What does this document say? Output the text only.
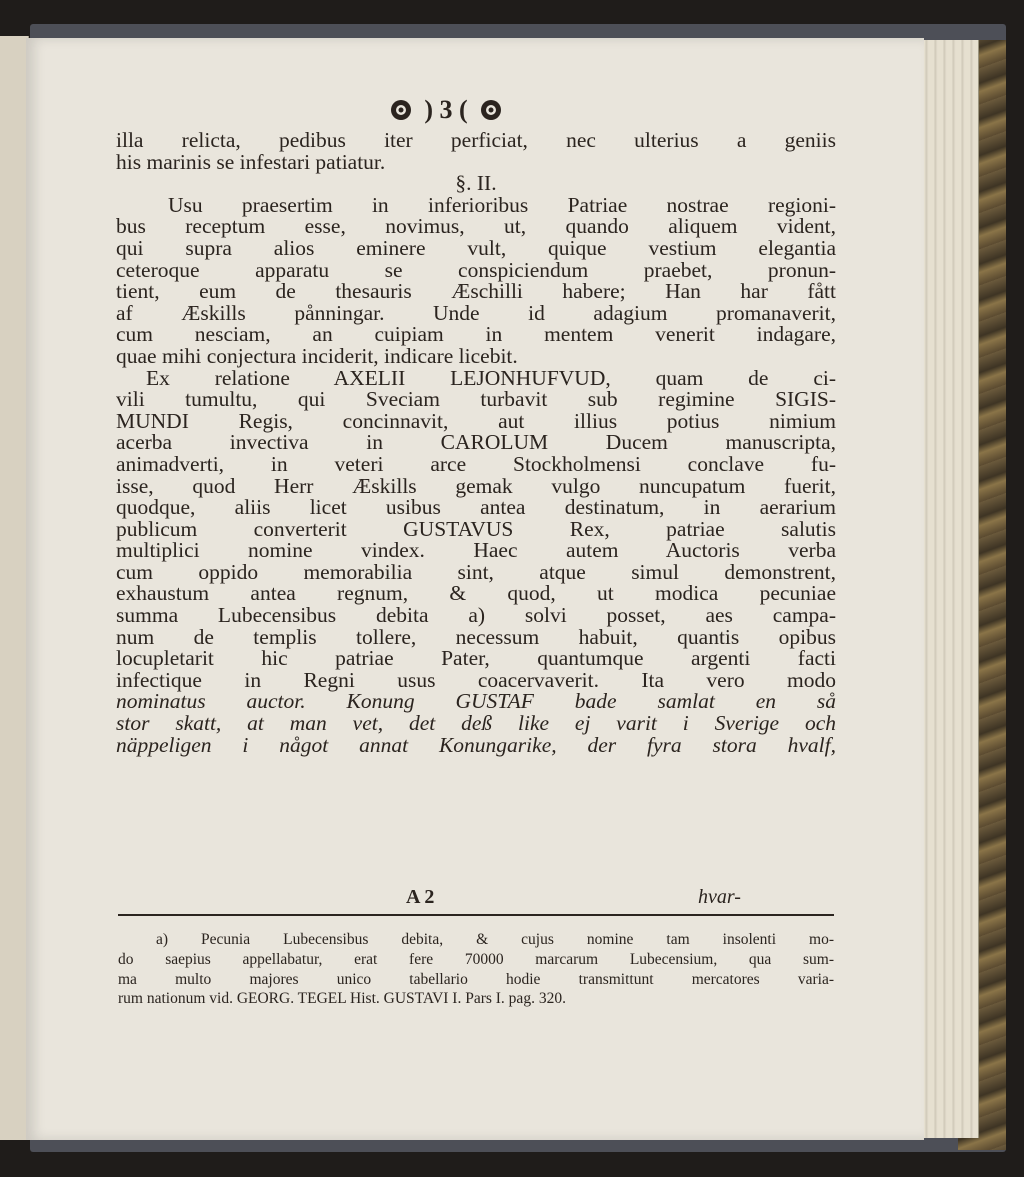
) 3 (
illa relicta, pedibus iter perficiat, nec ulterius a geniis
his marinis se infestari patiatur.
§. II.
Usu praesertim in inferioribus Patriae nostrae regioni-
bus receptum esse, novimus, ut, quando aliquem vident,
qui supra alios eminere vult, quique vestium elegantia
ceteroque apparatu se conspiciendum praebet, pronun-
tient, eum de thesauris Æschilli habere; Han har fått
af Æskills pånningar. Unde id adagium promanaverit,
cum nesciam, an cuipiam in mentem venerit indagare,
quae mihi conjectura inciderit, indicare licebit.
Ex relatione AXELII LEJONHUFVUD, quam de ci-
vili tumultu, qui Sveciam turbavit sub regimine SIGIS-
MUNDI Regis, concinnavit, aut illius potius nimium
acerba invectiva in CAROLUM Ducem manuscripta,
animadverti, in veteri arce Stockholmensi conclave fu-
isse, quod Herr Æskills gemak vulgo nuncupatum fuerit,
quodque, aliis licet usibus antea destinatum, in aerarium
publicum converterit GUSTAVUS Rex, patriae salutis
multiplici nomine vindex. Haec autem Auctoris verba
cum oppido memorabilia sint, atque simul demonstrent,
exhaustum antea regnum, & quod, ut modica pecuniae
summa Lubecensibus debita a) solvi posset, aes campa-
num de templis tollere, necessum habuit, quantis opibus
locupletarit hic patriae Pater, quantumque argenti facti
infectique in Regni usus coacervaverit. Ita vero modo
nominatus auctor. Konung GUSTAF bade samlat en så
stor skatt, at man vet, det deß like ej varit i Sverige och
näppeligen i något annat Konungarike, der fyra stora hvalf,
A 2	hvar-
a) Pecunia Lubecensibus debita, & cujus nomine tam insolenti mo-
do saepius appellabatur, erat fere 70000 marcarum Lubecensium, qua sum-
ma multo majores unico tabellario hodie transmittunt mercatores varia-
rum nationum vid. GEORG. TEGEL Hist. GUSTAVI I. Pars I. pag. 320.
